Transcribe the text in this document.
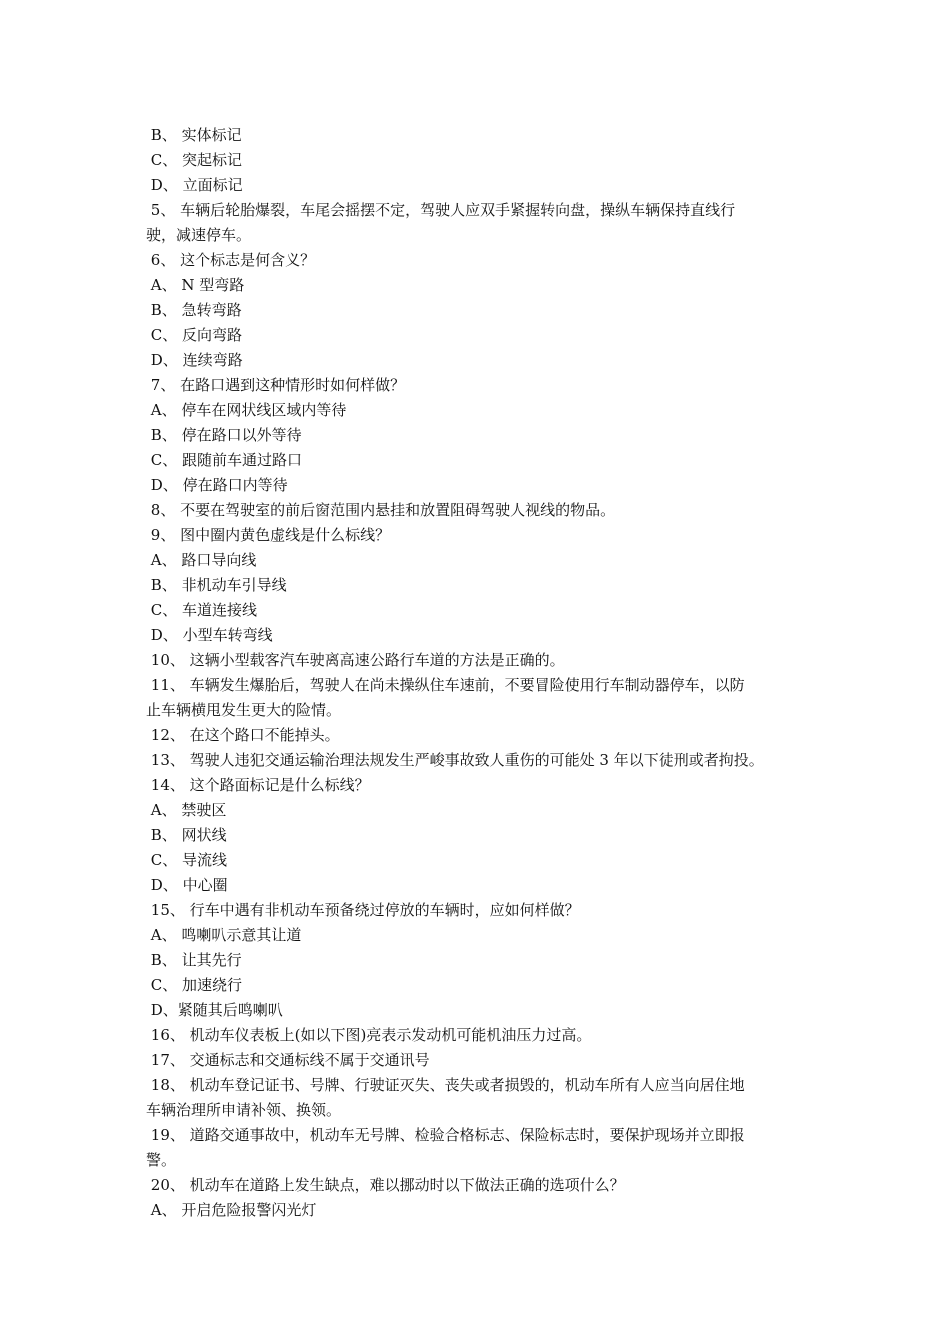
B、 实体标记

C、 突起标记

D、 立面标记

5、 车辆后轮胎爆裂，车尾会摇摆不定，驾驶人应双手紧握转向盘，操纵车辆保持直线行

驶，减速停车。

6、 这个标志是何含义？

A、 N 型弯路

B、 急转弯路

C、 反向弯路

D、 连续弯路

7、 在路口遇到这种情形时如何样做？

A、 停车在网状线区域内等待

B、 停在路口以外等待

C、 跟随前车通过路口

D、 停在路口内等待

8、 不要在驾驶室的前后窗范围内悬挂和放置阻碍驾驶人视线的物品。

9、 图中圈内黄色虚线是什么标线？

A、 路口导向线

B、 非机动车引导线

C、 车道连接线

D、 小型车转弯线

10、 这辆小型载客汽车驶离高速公路行车道的方法是正确的。

11、 车辆发生爆胎后，驾驶人在尚未操纵住车速前，不要冒险使用行车制动器停车，以防

止车辆横甩发生更大的险情。

12、 在这个路口不能掉头。

13、 驾驶人违犯交通运输治理法规发生严峻事故致人重伤的可能处 3 年以下徒刑或者拘投。

14、 这个路面标记是什么标线？

A、 禁驶区

B、 网状线

C、 导流线

D、 中心圈

15、 行车中遇有非机动车预备绕过停放的车辆时，应如何样做？

A、 鸣喇叭示意其让道

B、 让其先行

C、 加速绕行

D、紧随其后鸣喇叭

16、 机动车仪表板上(如以下图)亮表示发动机可能机油压力过高。

17、 交通标志和交通标线不属于交通讯号

18、 机动车登记证书、号牌、行驶证灭失、丧失或者损毁的，机动车所有人应当向居住地

车辆治理所申请补领、换领。

19、 道路交通事故中，机动车无号牌、检验合格标志、保险标志时，要保护现场并立即报

警。

20、 机动车在道路上发生缺点，难以挪动时以下做法正确的选项什么？

A、 开启危险报警闪光灯
